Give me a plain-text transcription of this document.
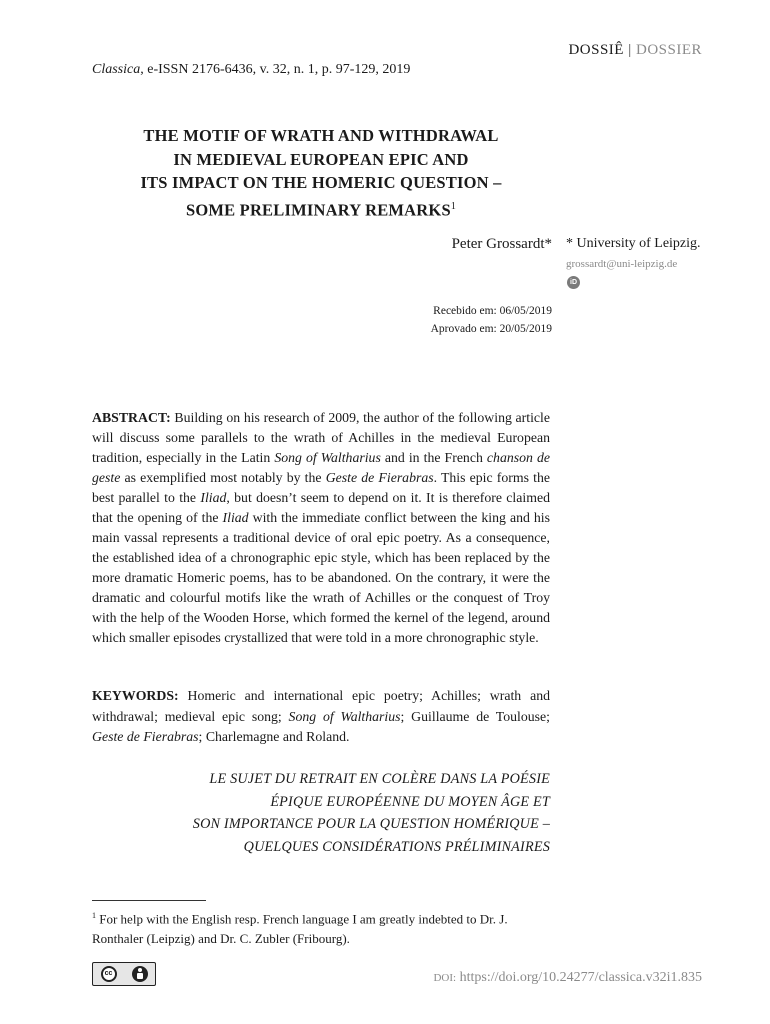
DOSSIÊ | DOSSIER
Classica, e-ISSN 2176-6436, v. 32, n. 1, p. 97-129, 2019
THE MOTIF OF WRATH AND WITHDRAWAL
IN MEDIEVAL EUROPEAN EPIC AND
ITS IMPACT ON THE HOMERIC QUESTION –
SOME PRELIMINARY REMARKS$^1$
Peter Grossardt* * University of Leipzig.
grossardt@uni-leipzig.de
iD
Recebido em: 06/05/2019
Aprovado em: 20/05/2019
ABSTRACT: Building on his research of 2009, the author of the following article will discuss some parallels to the wrath of Achilles in the medieval European tradition, especially in the Latin Song of Waltharius and in the French chanson de geste as exemplified most notably by the Geste de Fierabras. This epic forms the best parallel to the Iliad, but doesn’t seem to depend on it. It is therefore claimed that the opening of the Iliad with the immediate conflict between the king and his main vassal represents a traditional device of oral epic poetry. As a consequence, the established idea of a chronographic epic style, which has been replaced by the more dramatic Homeric poems, has to be abandoned. On the contrary, it were the dramatic and colourful motifs like the wrath of Achilles or the conquest of Troy with the help of the Wooden Horse, which formed the kernel of the legend, around which smaller episodes crystallized that were told in a more chronographic style.
KEYWORDS: Homeric and international epic poetry; Achilles; wrath and withdrawal; medieval epic song; Song of Waltharius; Guillaume de Toulouse; Geste de Fierabras; Charlemagne and Roland.
LE SUJET DU RETRAIT EN COLÈRE DANS LA POÉSIE
ÉPIQUE EUROPÉENNE DU MOYEN ÂGE ET
SON IMPORTANCE POUR LA QUESTION HOMÉRIQUE –
QUELQUES CONSIDÉRATIONS PRÉLIMINAIRES
$^1$ For help with the English resp. French language I am greatly indebted to Dr. J. Ronthaler (Leipzig) and Dr. C. Zubler (Fribourg).
cc	DOI: https://doi.org/10.24277/classica.v32i1.835
